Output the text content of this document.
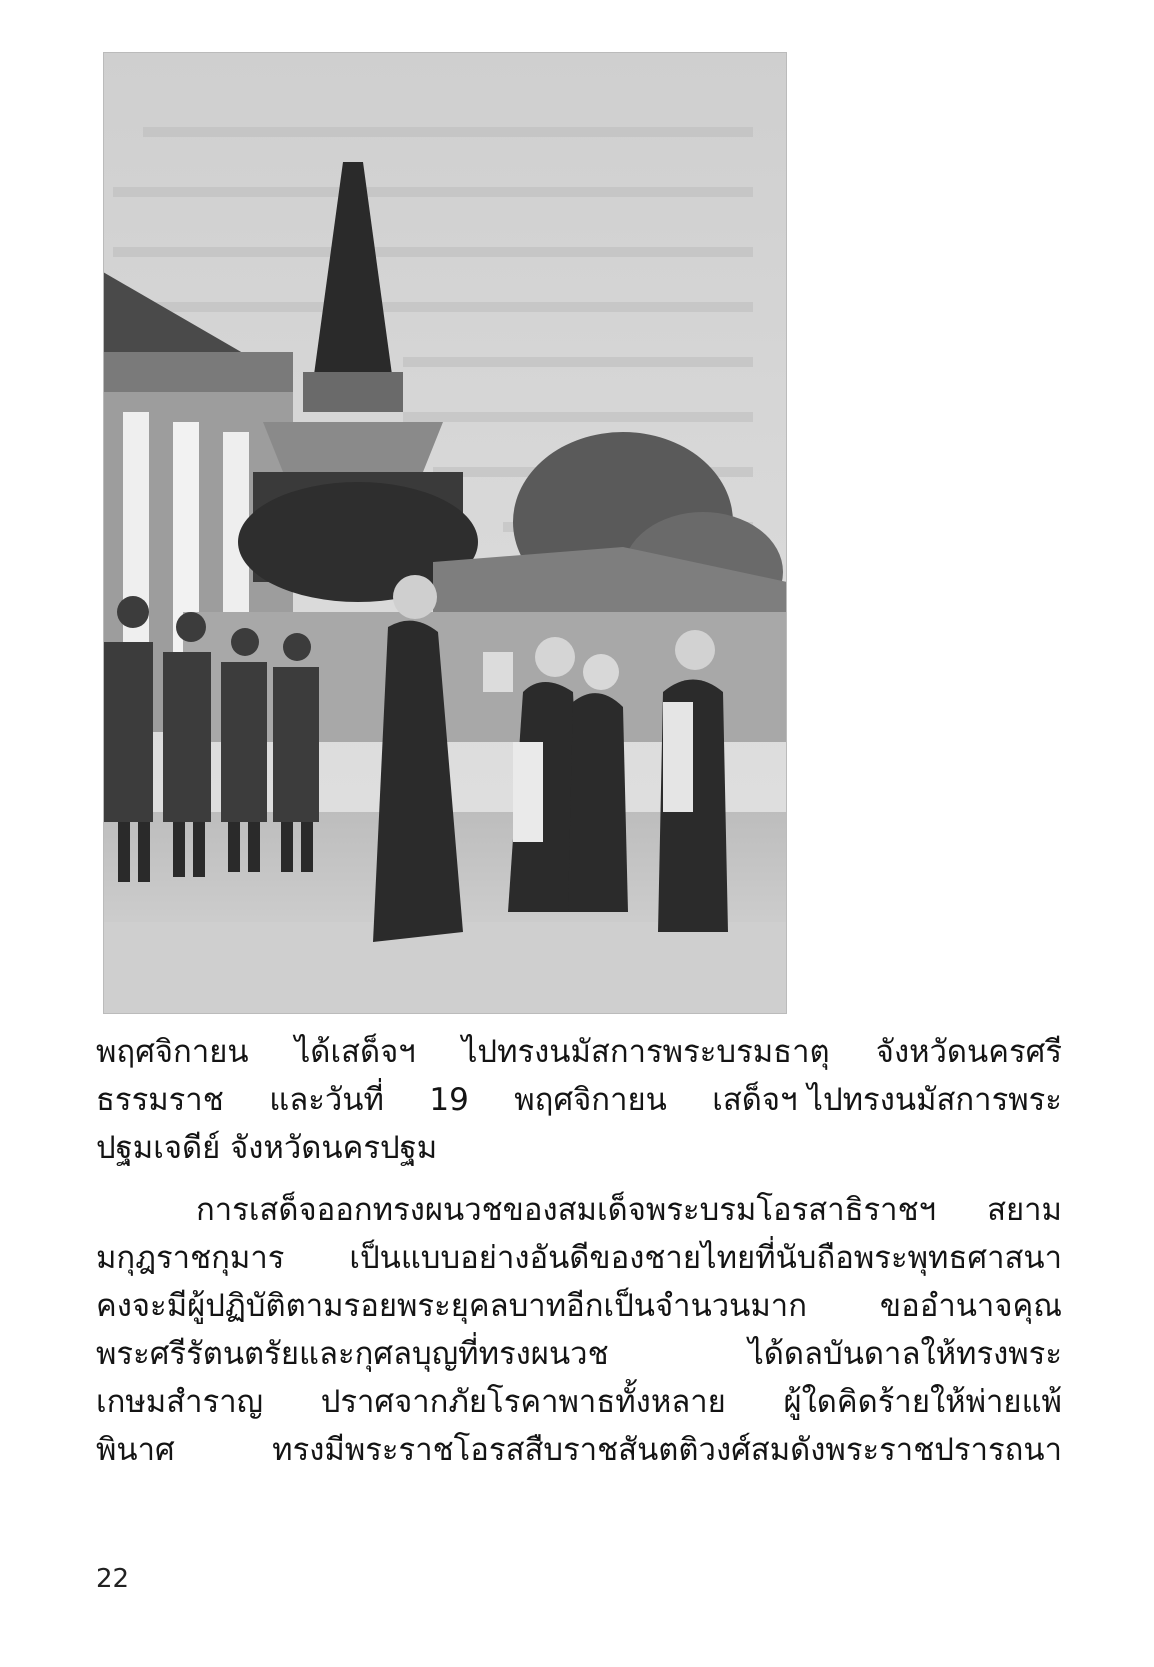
พฤศจิกายน ได้เสด็จฯ ไปทรงนมัสการพระบรมธาตุ จังหวัดนครศรี
ธรรมราช และวันที่ 19 พฤศจิกายน เสด็จฯ ไปทรงนมัสการพระ
ปฐมเจดีย์ จังหวัดนครปฐม
การเสด็จออกทรงผนวชของสมเด็จพระบรมโอรสาธิราชฯ สยาม
มกุฎราชกุมาร เป็นแบบอย่างอันดีของชายไทยที่นับถือพระพุทธศาสนา
คงจะมีผู้ปฏิบัติตามรอยพระยุคลบาทอีกเป็นจำนวนมาก ขออำนาจคุณ
พระศรีรัตนตรัยและกุศลบุญที่ทรงผนวช	ได้ดลบันดาลให้ทรงพระ
เกษมสำราญ ปราศจากภัยโรคาพาธทั้งหลาย ผู้ใดคิดร้ายให้พ่ายแพ้
พินาศ	ทรงมีพระราชโอรสสืบราชสันตติวงศ์สมดังพระราชปรารถนา
22
